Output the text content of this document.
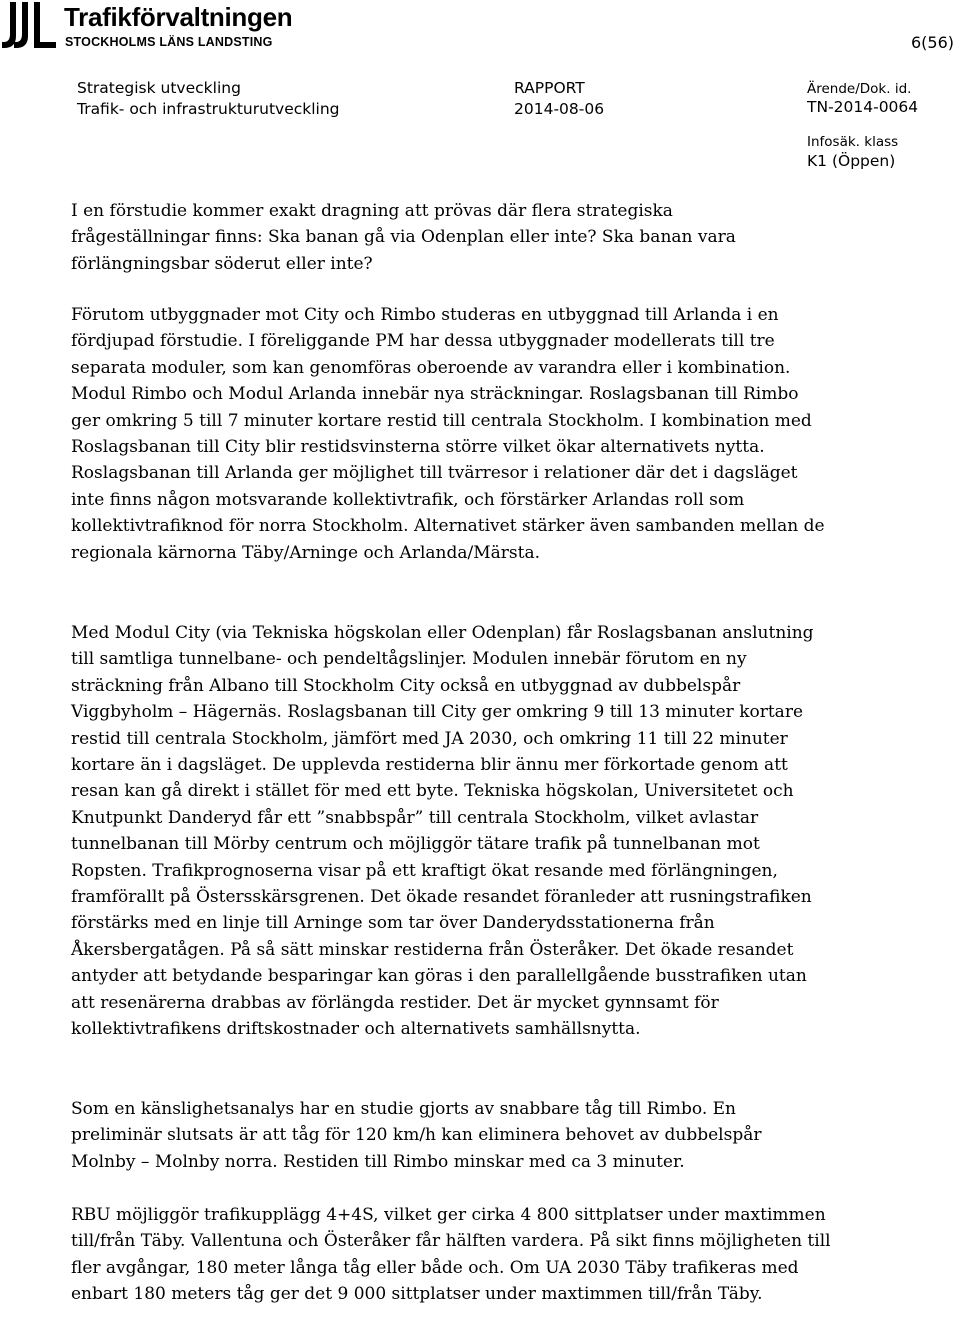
Trafikförvaltningen
STOCKHOLMS LÄNS LANDSTING	6(56)
Strategisk utveckling
Trafik- och infrastrukturutveckling
RAPPORT
2014-08-06
Ärende/Dok. id.
TN-2014-0064
Infosäk. klass
K1 (Öppen)

I en förstudie kommer exakt dragning att prövas där flera strategiska frågeställningar finns: Ska banan gå via Odenplan eller inte? Ska banan vara förlängningsbar söderut eller inte?

Förutom utbyggnader mot City och Rimbo studeras en utbyggnad till Arlanda i en fördjupad förstudie. I föreliggande PM har dessa utbyggnader modellerats till tre separata moduler, som kan genomföras oberoende av varandra eller i kombination. Modul Rimbo och Modul Arlanda innebär nya sträckningar. Roslagsbanan till Rimbo ger omkring 5 till 7 minuter kortare restid till centrala Stockholm. I kombination med Roslagsbanan till City blir restidsvinsterna större vilket ökar alternativets nytta. Roslagsbanan till Arlanda ger möjlighet till tvärresor i relationer där det i dagsläget inte finns någon motsvarande kollektivtrafik, och förstärker Arlandas roll som kollektivtrafiknod för norra Stockholm. Alternativet stärker även sambanden mellan de regionala kärnorna Täby/Arninge och Arlanda/Märsta.

Med Modul City (via Tekniska högskolan eller Odenplan) får Roslagsbanan anslutning till samtliga tunnelbane- och pendeltågslinjer. Modulen innebär förutom en ny sträckning från Albano till Stockholm City också en utbyggnad av dubbelspår Viggbyholm – Hägernäs. Roslagsbanan till City ger omkring 9 till 13 minuter kortare restid till centrala Stockholm, jämfört med JA 2030, och omkring 11 till 22 minuter kortare än i dagsläget. De upplevda restiderna blir ännu mer förkortade genom att resan kan gå direkt i stället för med ett byte. Tekniska högskolan, Universitetet och Knutpunkt Danderyd får ett ”snabbspår” till centrala Stockholm, vilket avlastar tunnelbanan till Mörby centrum och möjliggör tätare trafik på tunnelbanan mot Ropsten. Trafikprognoserna visar på ett kraftigt ökat resande med förlängningen, framförallt på Östersskärsgrenen. Det ökade resandet föranleder att rusningstrafiken förstärks med en linje till Arninge som tar över Danderydsstationerna från Åkersbergatågen. På så sätt minskar restiderna från Österåker. Det ökade resandet antyder att betydande besparingar kan göras i den parallellgående busstrafiken utan att resenärerna drabbas av förlängda restider. Det är mycket gynnsamt för kollektivtrafikens driftskostnader och alternativets samhällsnytta.

Som en känslighetsanalys har en studie gjorts av snabbare tåg till Rimbo. En preliminär slutsats är att tåg för 120 km/h kan eliminera behovet av dubbelspår Molnby – Molnby norra. Restiden till Rimbo minskar med ca 3 minuter.

RBU möjliggör trafikupplägg 4+4S, vilket ger cirka 4 800 sittplatser under maxtimmen till/från Täby. Vallentuna och Österåker får hälften vardera. På sikt finns möjligheten till fler avgångar, 180 meter långa tåg eller både och. Om UA 2030 Täby trafikeras med enbart 180 meters tåg ger det 9 000 sittplatser under maxtimmen till/från Täby.
